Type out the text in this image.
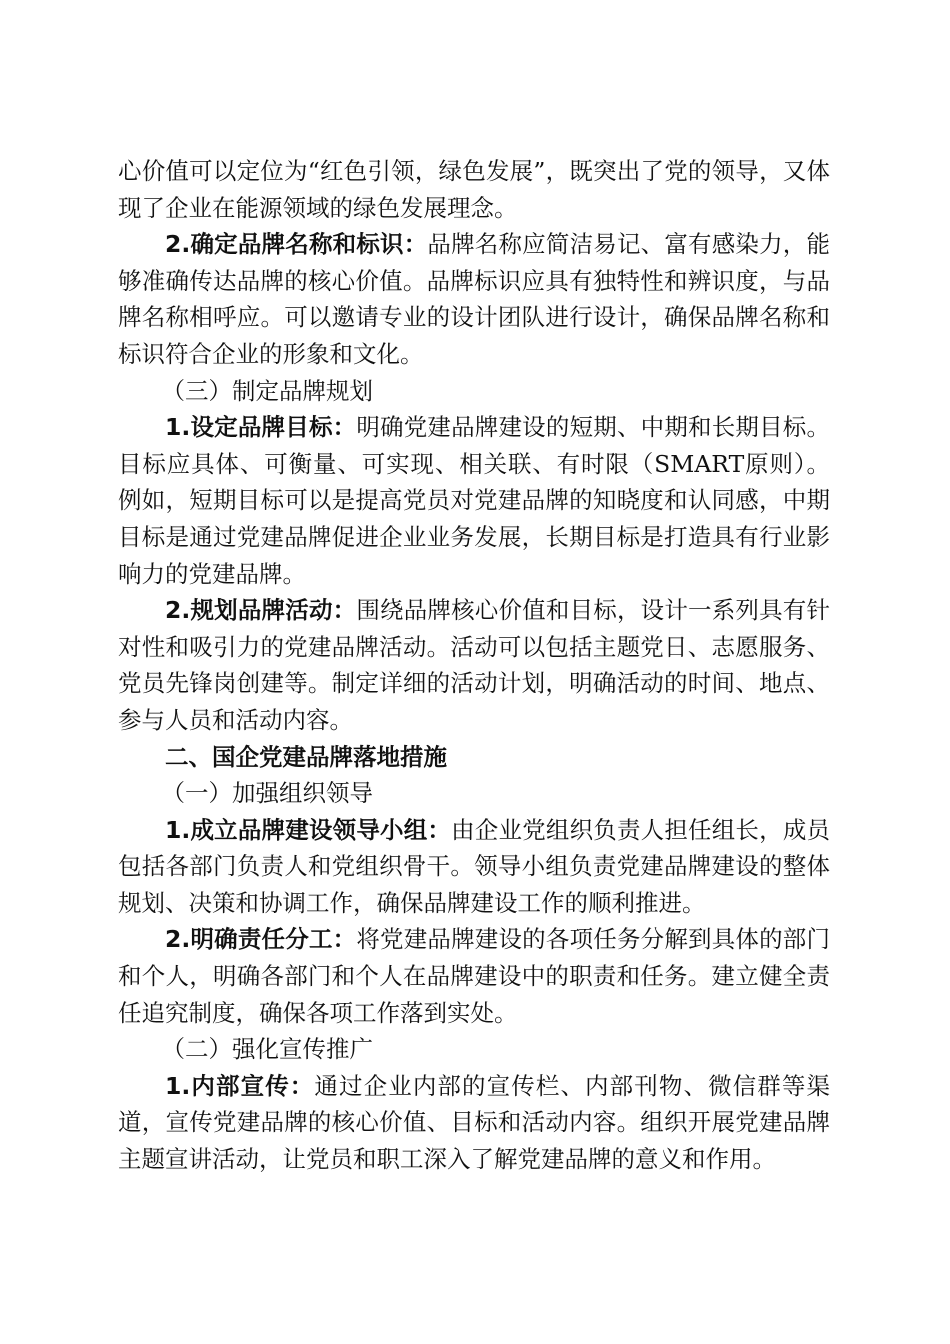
心价值可以定位为“红色引领，绿色发展”，既突出了党的领导，又体现了企业在能源领域的绿色发展理念。

2.确定品牌名称和标识：品牌名称应简洁易记、富有感染力，能够准确传达品牌的核心价值。品牌标识应具有独特性和辨识度，与品牌名称相呼应。可以邀请专业的设计团队进行设计，确保品牌名称和标识符合企业的形象和文化。

（三）制定品牌规划

1.设定品牌目标：明确党建品牌建设的短期、中期和长期目标。目标应具体、可衡量、可实现、相关联、有时限（SMART原则）。例如，短期目标可以是提高党员对党建品牌的知晓度和认同感，中期目标是通过党建品牌促进企业业务发展，长期目标是打造具有行业影响力的党建品牌。

2.规划品牌活动：围绕品牌核心价值和目标，设计一系列具有针对性和吸引力的党建品牌活动。活动可以包括主题党日、志愿服务、党员先锋岗创建等。制定详细的活动计划，明确活动的时间、地点、参与人员和活动内容。

二、国企党建品牌落地措施

（一）加强组织领导

1.成立品牌建设领导小组：由企业党组织负责人担任组长，成员包括各部门负责人和党组织骨干。领导小组负责党建品牌建设的整体规划、决策和协调工作，确保品牌建设工作的顺利推进。

2.明确责任分工：将党建品牌建设的各项任务分解到具体的部门和个人，明确各部门和个人在品牌建设中的职责和任务。建立健全责任追究制度，确保各项工作落到实处。

（二）强化宣传推广

1.内部宣传：通过企业内部的宣传栏、内部刊物、微信群等渠道，宣传党建品牌的核心价值、目标和活动内容。组织开展党建品牌主题宣讲活动，让党员和职工深入了解党建品牌的意义和作用。
